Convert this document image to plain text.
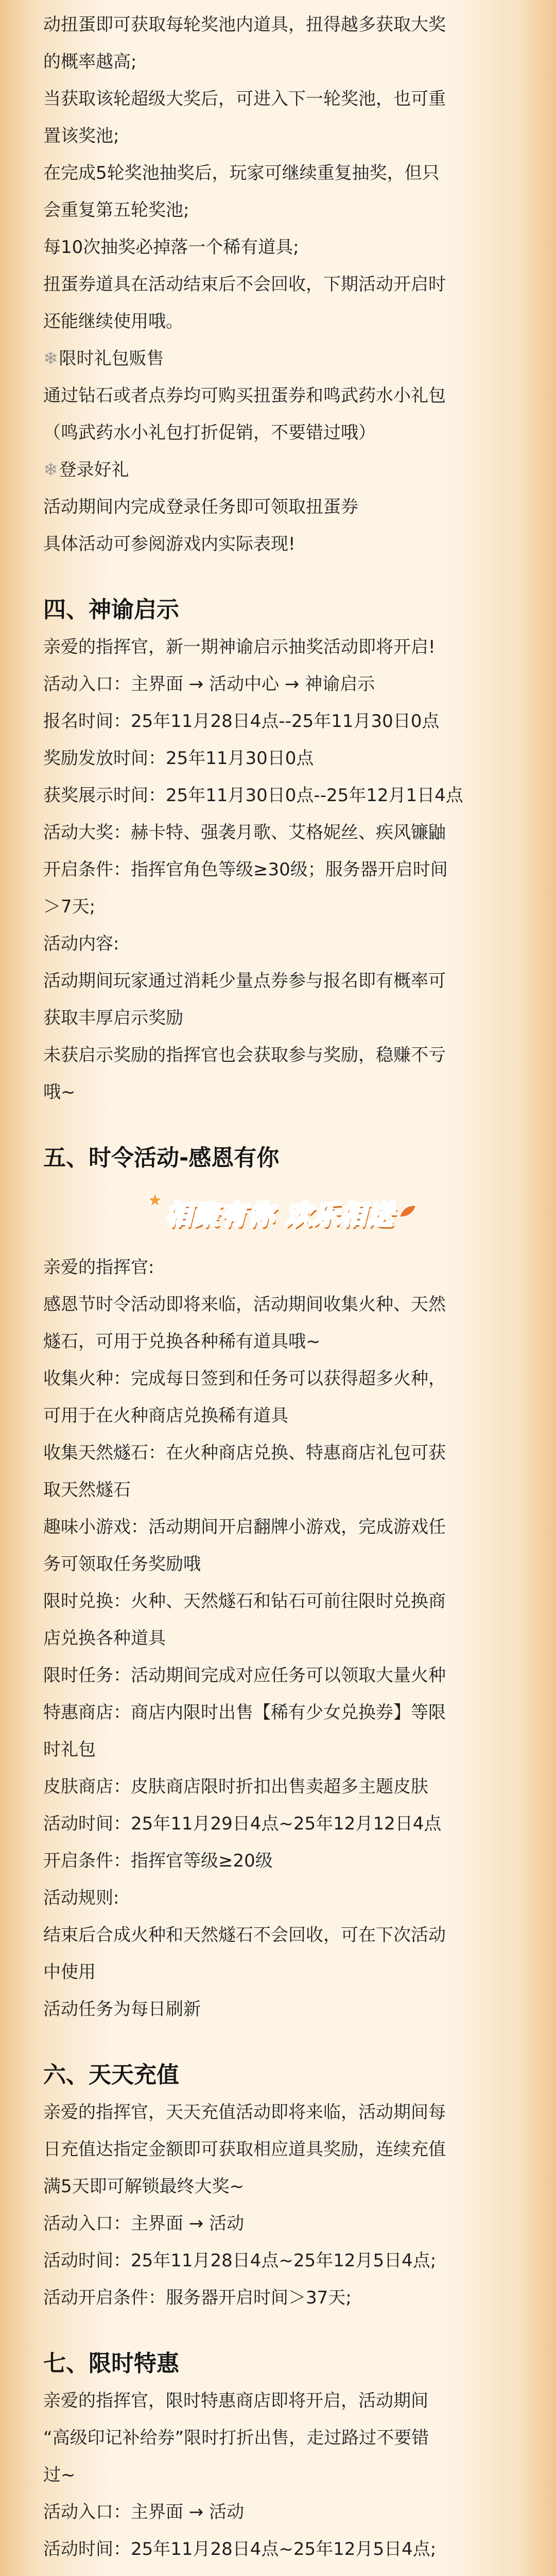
动扭蛋即可获取每轮奖池内道具，扭得越多获取大奖
的概率越高;
当获取该轮超级大奖后，可进入下一轮奖池，也可重
置该奖池;
在完成5轮奖池抽奖后，玩家可继续重复抽奖，但只
会重复第五轮奖池;
每10次抽奖必掉落一个稀有道具;
扭蛋券道具在活动结束后不会回收，下期活动开启时
还能继续使用哦。
❄限时礼包贩售
通过钻石或者点券均可购买扭蛋券和鸣武药水小礼包
（鸣武药水小礼包打折促销，不要错过哦）
❄登录好礼
活动期间内完成登录任务即可领取扭蛋券
具体活动可参阅游戏内实际表现!
四、神谕启示
亲爱的指挥官，新一期神谕启示抽奖活动即将开启!
活动入口：主界面 → 活动中心 → 神谕启示
报名时间：25年11月28日4点--25年11月30日0点
奖励发放时间：25年11月30日0点
获奖展示时间：25年11月30日0点--25年12月1日4点
活动大奖：赫卡特、强袭月歌、艾格妮丝、疾风镰鼬
开启条件：指挥官角色等级≥30级；服务器开启时间
＞7天;
活动内容:
活动期间玩家通过消耗少量点券参与报名即有概率可
获取丰厚启示奖励
未获启示奖励的指挥官也会获取参与奖励，稳赚不亏
哦~
五、时令活动-感恩有你
相聚有你 欢乐相送
亲爱的指挥官:
感恩节时令活动即将来临，活动期间收集火种、天然
燧石，可用于兑换各种稀有道具哦~
收集火种：完成每日签到和任务可以获得超多火种，
可用于在火种商店兑换稀有道具
收集天然燧石：在火种商店兑换、特惠商店礼包可获
取天然燧石
趣味小游戏：活动期间开启翻牌小游戏，完成游戏任
务可领取任务奖励哦
限时兑换：火种、天然燧石和钻石可前往限时兑换商
店兑换各种道具
限时任务：活动期间完成对应任务可以领取大量火种
特惠商店：商店内限时出售【稀有少女兑换券】等限
时礼包
皮肤商店：皮肤商店限时折扣出售卖超多主题皮肤
活动时间：25年11月29日4点~25年12月12日4点
开启条件：指挥官等级≥20级
活动规则:
结束后合成火种和天然燧石不会回收，可在下次活动
中使用
活动任务为每日刷新
六、天天充值
亲爱的指挥官，天天充值活动即将来临，活动期间每
日充值达指定金额即可获取相应道具奖励，连续充值
满5天即可解锁最终大奖~
活动入口：主界面 → 活动
活动时间：25年11月28日4点~25年12月5日4点;
活动开启条件：服务器开启时间＞37天;
七、限时特惠
亲爱的指挥官，限时特惠商店即将开启，活动期间
“高级印记补给券”限时打折出售，走过路过不要错
过~
活动入口：主界面 → 活动
活动时间：25年11月28日4点~25年12月5日4点;
